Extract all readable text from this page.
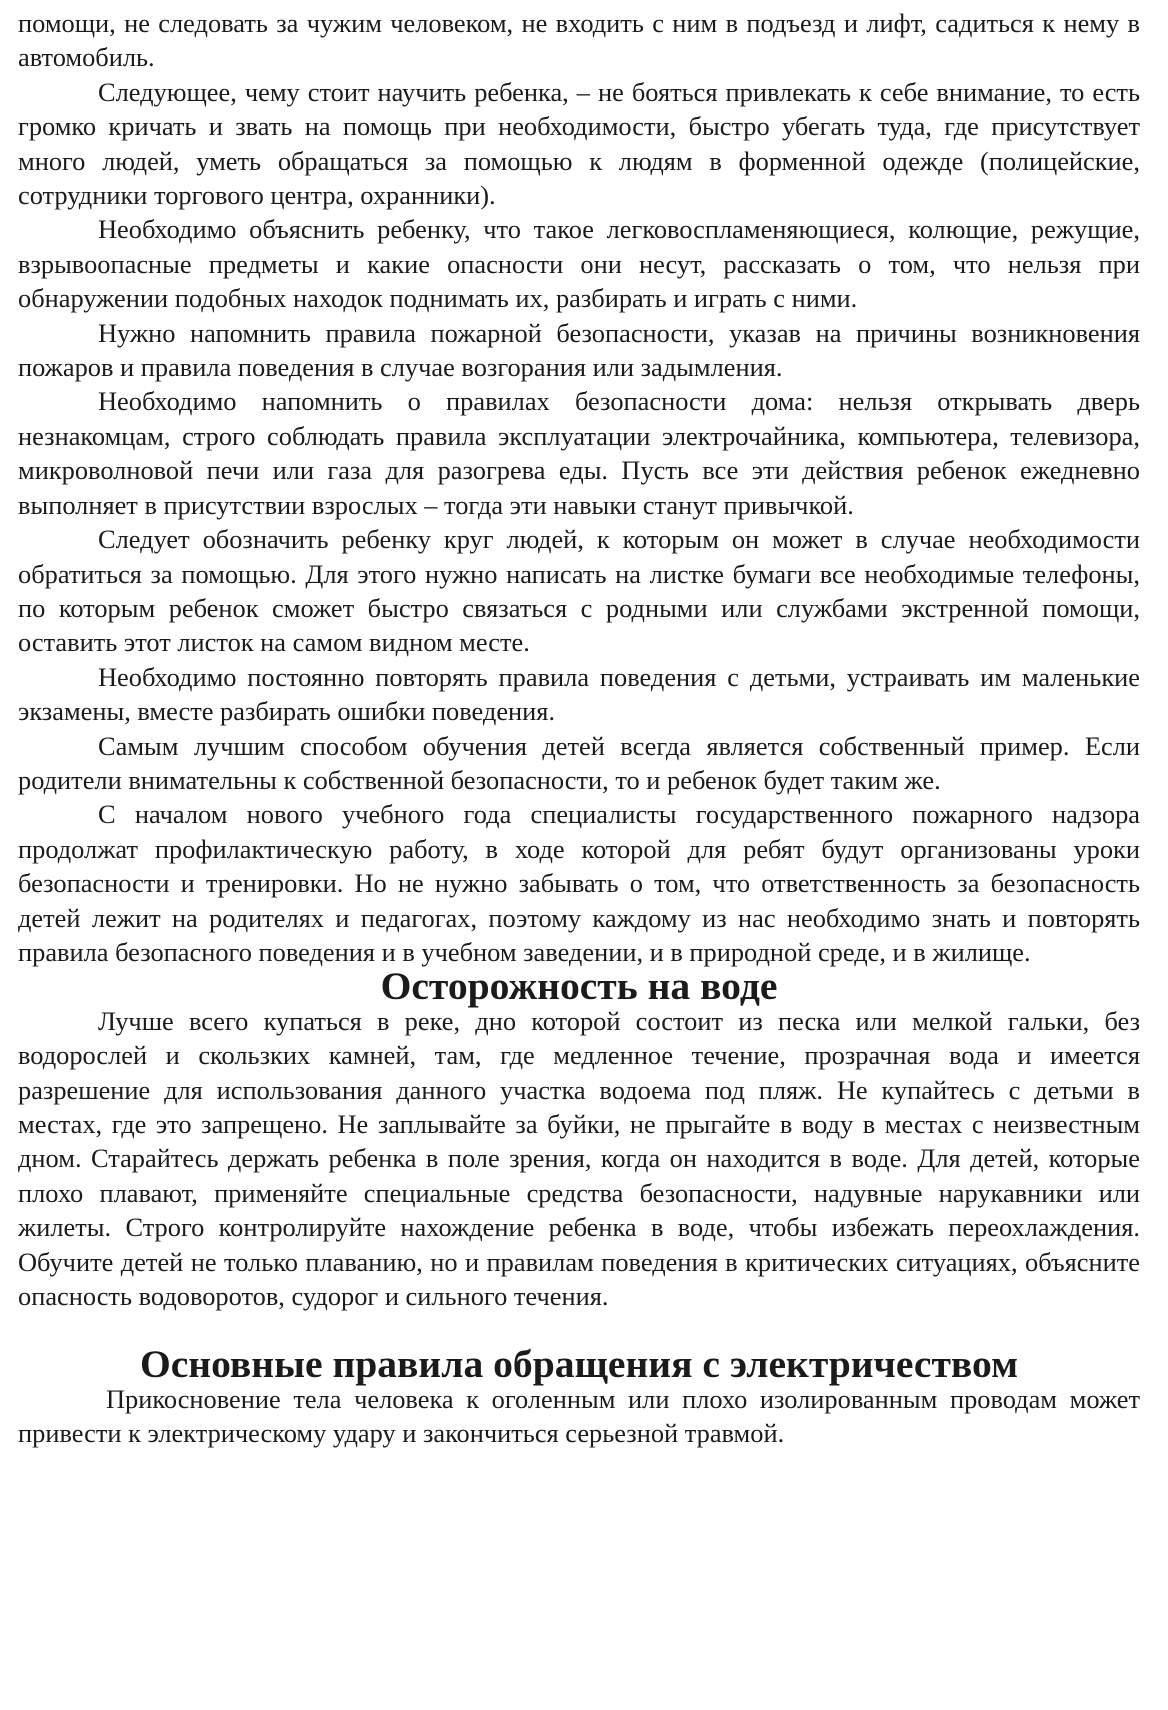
помощи, не следовать за чужим человеком, не входить с ним в подъезд и лифт, садиться к нему в автомобиль.

Следующее, чему стоит научить ребенка, – не бояться привлекать к себе внимание, то есть громко кричать и звать на помощь при необходимости, быстро убегать туда, где присутствует много людей, уметь обращаться за помощью к людям в форменной одежде (полицейские, сотрудники торгового центра, охранники).

Необходимо объяснить ребенку, что такое легковоспламеняющиеся, колющие, режущие, взрывоопасные предметы и какие опасности они несут, рассказать о том, что нельзя при обнаружении подобных находок поднимать их, разбирать и играть с ними.

Нужно напомнить правила пожарной безопасности, указав на причины возникновения пожаров и правила поведения в случае возгорания или задымления.

Необходимо напомнить о правилах безопасности дома: нельзя открывать дверь незнакомцам, строго соблюдать правила эксплуатации электрочайника, компьютера, телевизора, микроволновой печи или газа для разогрева еды. Пусть все эти действия ребенок ежедневно выполняет в присутствии взрослых – тогда эти навыки станут привычкой.

Следует обозначить ребенку круг людей, к которым он может в случае необходимости обратиться за помощью. Для этого нужно написать на листке бумаги все необходимые телефоны, по которым ребенок сможет быстро связаться с родными или службами экстренной помощи, оставить этот листок на самом видном месте.

Необходимо постоянно повторять правила поведения с детьми, устраивать им маленькие экзамены, вместе разбирать ошибки поведения.

Самым лучшим способом обучения детей всегда является собственный пример. Если родители внимательны к собственной безопасности, то и ребенок будет таким же.

С началом нового учебного года специалисты государственного пожарного надзора продолжат профилактическую работу, в ходе которой для ребят будут организованы уроки безопасности и тренировки. Но не нужно забывать о том, что ответственность за безопасность детей лежит на родителях и педагогах, поэтому каждому из нас необходимо знать и повторять правила безопасного поведения и в учебном заведении, и в природной среде, и в жилище.

Осторожность на воде

Лучше всего купаться в реке, дно которой состоит из песка или мелкой гальки, без водорослей и скользких камней, там, где медленное течение, прозрачная вода и имеется разрешение для использования данного участка водоема под пляж. Не купайтесь с детьми в местах, где это запрещено. Не заплывайте за буйки, не прыгайте в воду в местах с неизвестным дном. Старайтесь держать ребенка в поле зрения, когда он находится в воде. Для детей, которые плохо плавают, применяйте специальные средства безопасности, надувные нарукавники или жилеты. Строго контролируйте нахождение ребенка в воде, чтобы избежать переохлаждения. Обучите детей не только плаванию, но и правилам поведения в критических ситуациях, объясните опасность водоворотов, судорог и сильного течения.

Основные правила обращения с электричеством

Прикосновение тела человека к оголенным или плохо изолированным проводам может привести к электрическому удару и закончиться серьезной травмой.
